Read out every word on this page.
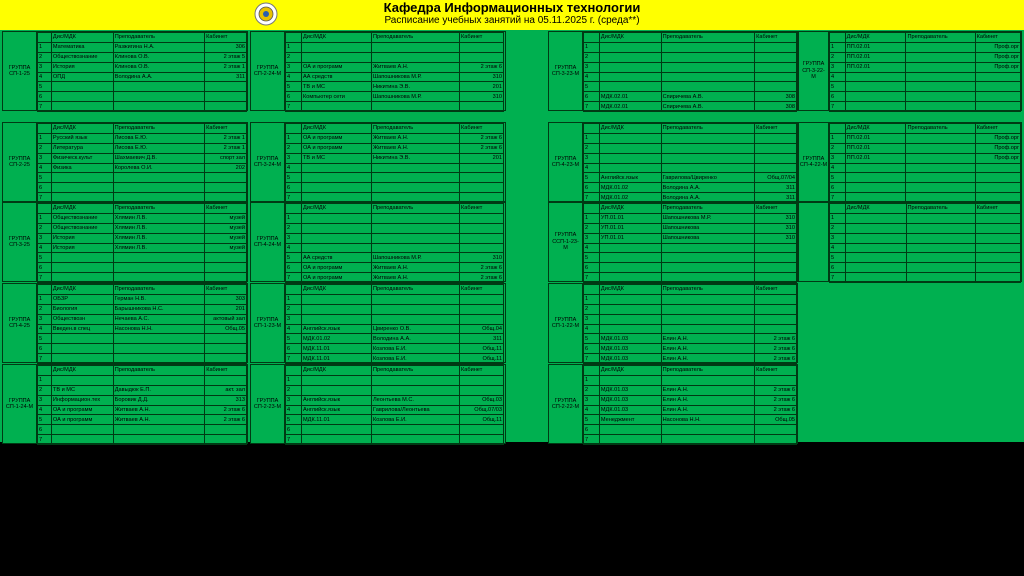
Кафедра Информационных технологии
Расписание учебных занятий на 05.11.2025 г. (среда**)
ГРУППА
СП-1-25
	Дис/МДК	Преподаватель	Кабинет
1	Математика	Разжигина Н.А.	306
2	Обществознание	Клинова О.В.	2 этаж 5
3	История	Клинова О.В.	2 этаж 1
4	ОПД	Володина А.А.	311
5			
6			
7			
ГРУППА
СП-2-24-М
	Дис/МДК	Преподаватель	Кабинет
1			
2			
3	ОА и программ	Житваев А.Н.	2 этаж 6
4	АА средств	Шапошникова М.Р.	310
5	ТВ и МС	Никитина Э.В.	201
6	Компьютер сети	Шапошникова М.Р.	310
7			
ГРУППА
СП-3-23-М
	Дис/МДК	Преподаватель	Кабинет
1			
2			
3			
4			
5			
6	МДК.02.01	Спиричева А.В.	308
7	МДК.02.01	Спиричева А.В.	308
ГРУППА
СП-3-22-
М
	Дис/МДК	Преподаватель	Кабинет
1	ПП.02.01		Проф.орг
2	ПП.02.01		Проф.орг
3	ПП.02.01		Проф.орг
4			
5			
6			
7			
ГРУППА
СП-2-25
	Дис/МДК	Преподаватель	Кабинет
1	Русский язык	Лисова Е.Ю.	2 этаж 1
2	Литература	Лисова Е.Ю.	2 этаж 1
3	Физическ.культ	Шахмаевич Д.В.	спорт зал
4	Физика	Королева О.И.	202
5			
6			
7			
ГРУППА
СП-3-24-М
	Дис/МДК	Преподаватель	Кабинет
1	ОА и программ	Житваев А.Н.	2 этаж 6
2	ОА и программ	Житваев А.Н.	2 этаж 6
3	ТВ и МС	Никитина Э.В.	201
4			
5			
6			
7			
ГРУППА
СП-4-23-М
	Дис/МДК	Преподаватель	Кабинет
1			
2			
3			
4			
5	Английск.язык	Гаврилова/Цвиренко	Общ.07/04
6	МДК.01.02	Володина А.А.	311
7	МДК.01.02	Володина А.А.	311
ГРУППА
СП-4-22-М
	Дис/МДК	Преподаватель	Кабинет
1	ПП.02.01		Проф.орг
2	ПП.02.01		Проф.орг
3	ПП.02.01		Проф.орг
4			
5			
6			
7			
ГРУППА
СП-3-25
	Дис/МДК	Преподаватель	Кабинет
1	Обществознание	Хлямин Л.В.	музей
2	Обществознание	Хлямин Л.В.	музей
3	История	Хлямин Л.В.	музей
4	История	Хлямин Л.В.	музей
5			
6			
7			
ГРУППА
СП-4-24-М
	Дис/МДК	Преподаватель	Кабинет
1			
2			
3			
4			
5	АА средств	Шапошникова М.Р.	310
6	ОА и программ	Житваев А.Н.	2 этаж 6
7	ОА и программ	Житваев А.Н.	2 этаж 6
ГРУППА
ССП-1-23-
М
	Дис/МДК	Преподаватель	Кабинет
1	УП.01.01	Шапошникова М.Р.	310
2	УП.01.01	Шапошникова	310
3	УП.01.01	Шапошникова	310
4			
5			
6			
7			
	Дис/МДК	Преподаватель	Кабинет
1			
2			
3			
4			
5			
6			
7			
ГРУППА
СП-4-25
	Дис/МДК	Преподаватель	Кабинет
1	ОБЗР	Герман Н.В.	303
2	Биология	Барышникова Н.С.	201
3	Обществозн	Нечаева А.С.	актовый зал
4	Введен.в спец	Насонова Н.Н.	Общ.05
5			
6			
7			
ГРУППА
СП-1-23-М
	Дис/МДК	Преподаватель	Кабинет
1			
2			
3			
4	Английск.язык	Цвиренко О.В.	Общ.04
5	МДК.01.02	Володина А.А.	311
6	МДК.11.01	Козлова Е.И.	Общ.11
7	МДК.11.01	Козлова Е.И.	Общ.11
ГРУППА
СП-1-22-М
	Дис/МДК	Преподаватель	Кабинет
1			
2			
3			
4			
5	МДК.01.03	Елин А.Н.	2 этаж 6
6	МДК.01.03	Елин А.Н.	2 этаж 6
7	МДК.01.03	Елин А.Н.	2 этаж 6
ГРУППА
СП-1-24-М
	Дис/МДК	Преподаватель	Кабинет
1			
2	ТВ и МС	Давыдюк Е.П.	акт. зал
3	Информацион.тех	Боровик Д.Д.	313
4	ОА и программ	Житваев А.Н.	2 этаж 6
5	ОА и программ	Житваев А.Н.	2 этаж 6
6			
7			
ГРУППА
СП-2-23-М
	Дис/МДК	Преподаватель	Кабинет
1			
2			
3	Английск.язык	Леонтьева М.С.	Общ.03
4	Английск.язык	Гаврилова/Леонтьева	Общ.07/03
5	МДК.11.01	Козлова Е.И.	Общ.11
6			
7			
ГРУППА
СП-2-22-М
	Дис/МДК	Преподаватель	Кабинет
1			
2	МДК.01.03	Елин А.Н.	2 этаж 6
3	МДК.01.03	Елин А.Н.	2 этаж 6
4	МДК.01.03	Елин А.Н.	2 этаж 6
5	Менеджмент	Насонова Н.Н.	Общ.05
6			
7			
